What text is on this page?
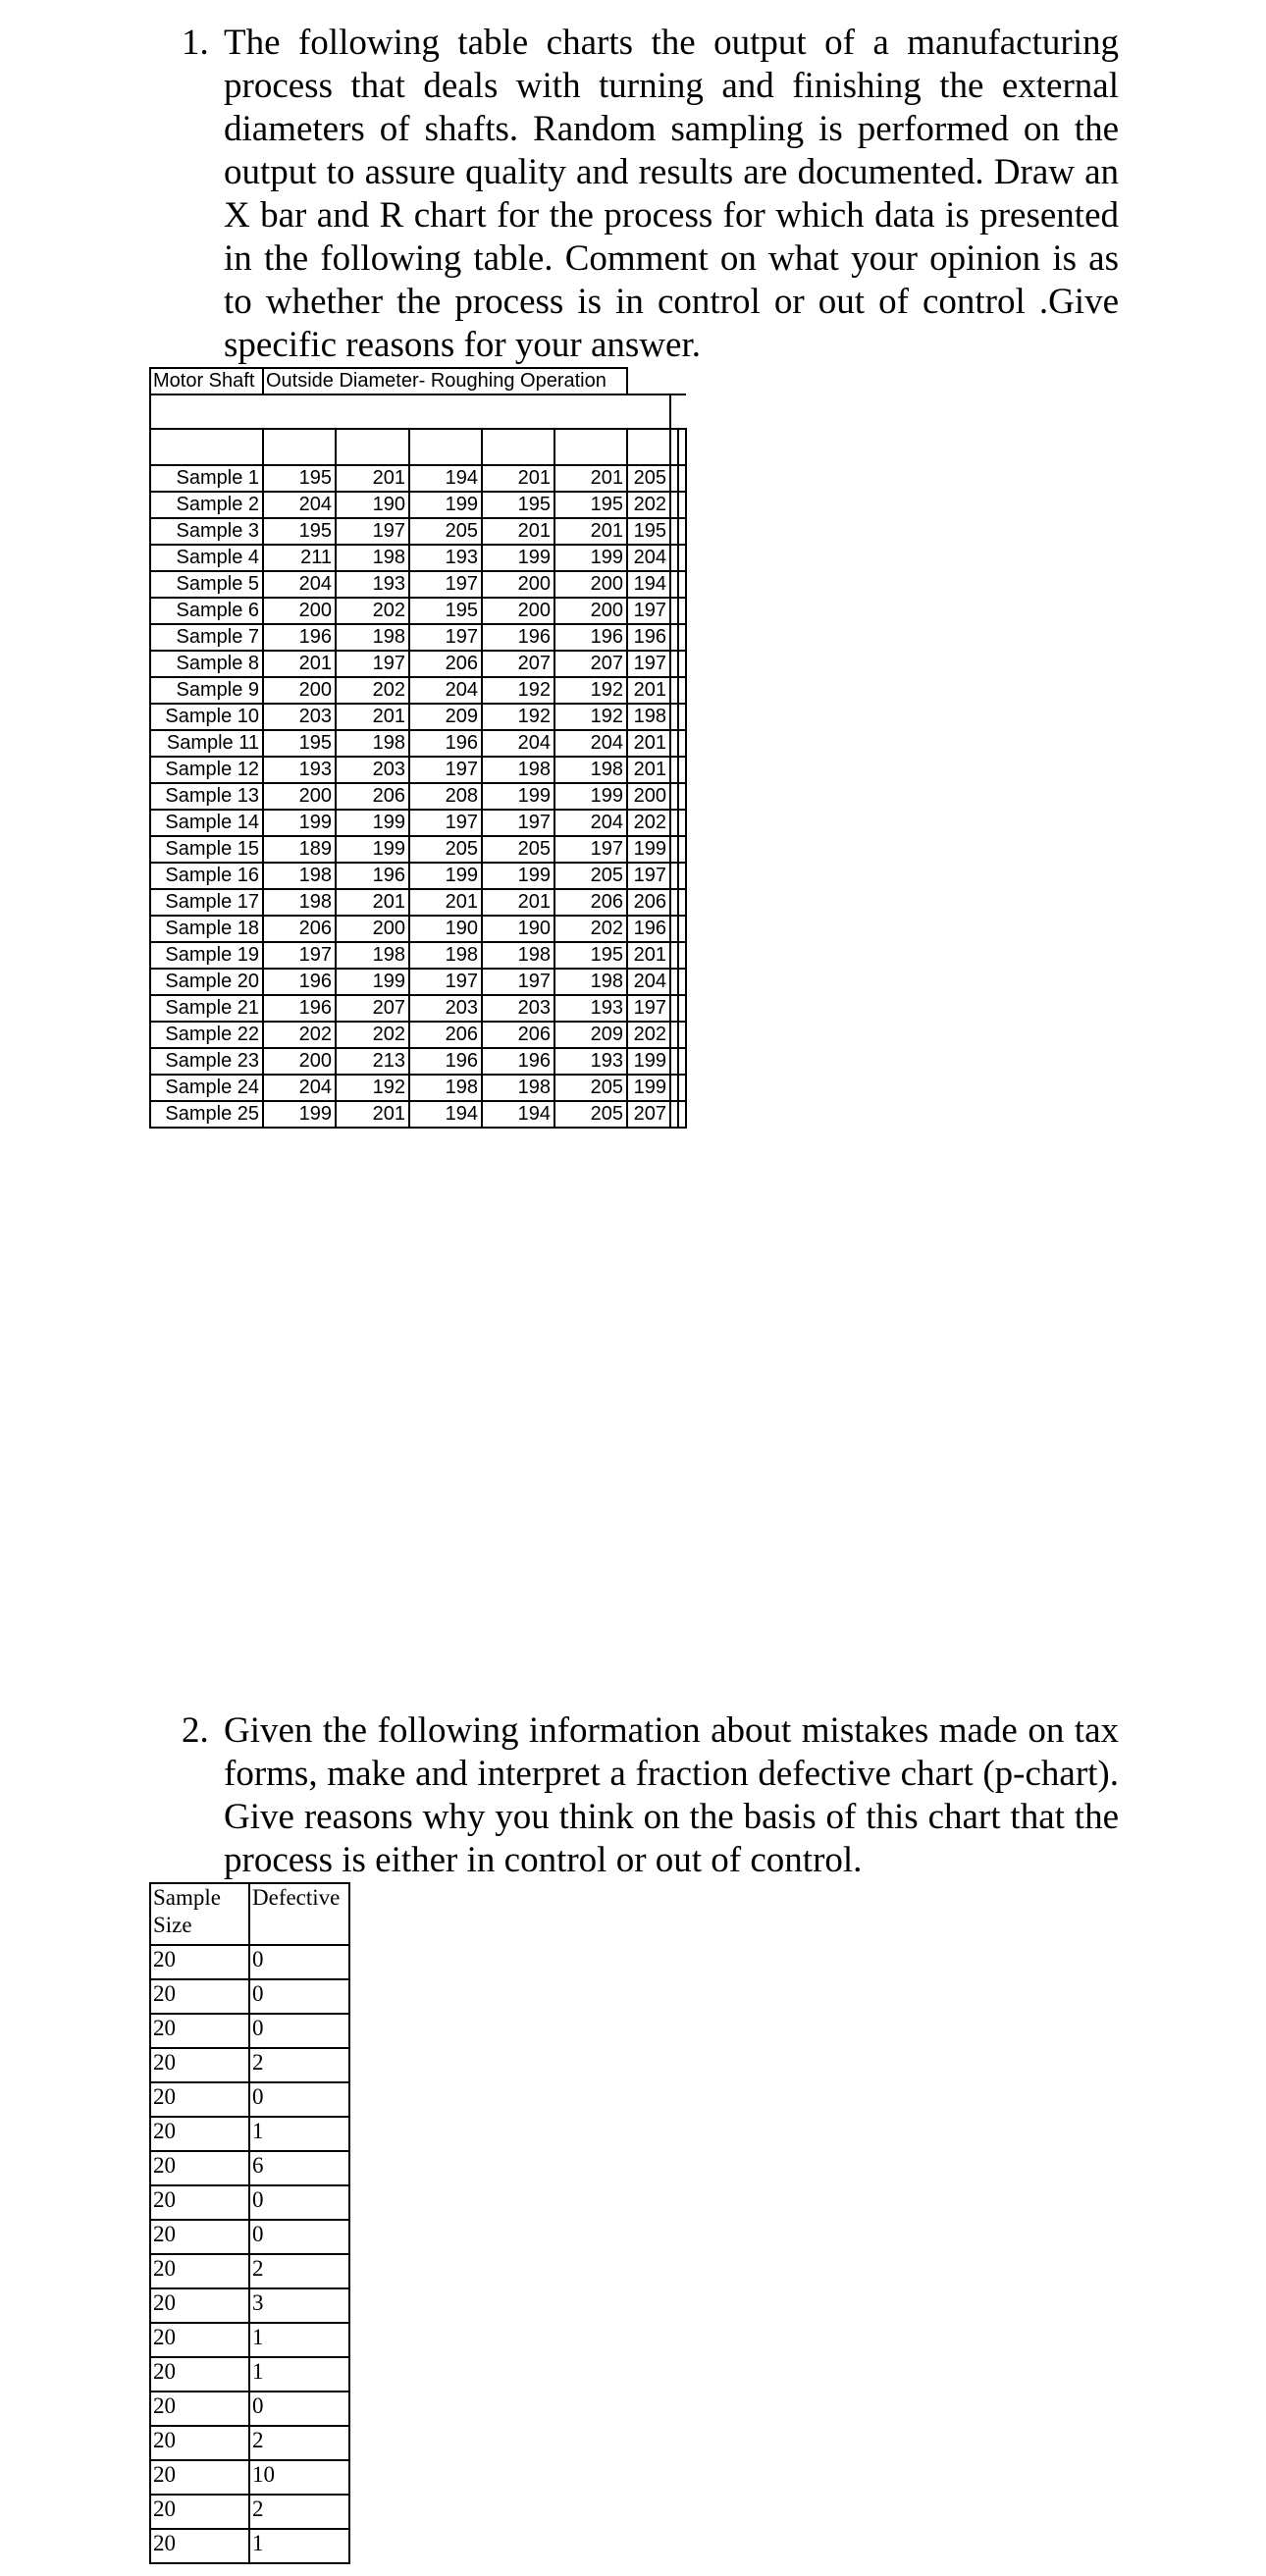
1. The following table charts the output of a manufacturing process that deals with turning and finishing the external diameters of shafts. Random sampling is performed on the output to assure quality and results are documented. Draw an X bar and R chart for the process for which data is presented in the following table. Comment on what your opinion is as to whether the process is in control or out of control .Give specific reasons for your answer.
Motor Shaft	Outside Diameter- Roughing Operation							

Sample 1	195	201	194	201	201	205		
Sample 2	204	190	199	195	195	202		
Sample 3	195	197	205	201	201	195		
Sample 4	211	198	193	199	199	204		
Sample 5	204	193	197	200	200	194		
Sample 6	200	202	195	200	200	197		
Sample 7	196	198	197	196	196	196		
Sample 8	201	197	206	207	207	197		
Sample 9	200	202	204	192	192	201		
Sample 10	203	201	209	192	192	198		
Sample 11	195	198	196	204	204	201		
Sample 12	193	203	197	198	198	201		
Sample 13	200	206	208	199	199	200		
Sample 14	199	199	197	197	204	202		
Sample 15	189	199	205	205	197	199		
Sample 16	198	196	199	199	205	197		
Sample 17	198	201	201	201	206	206		
Sample 18	206	200	190	190	202	196		
Sample 19	197	198	198	198	195	201		
Sample 20	196	199	197	197	198	204		
Sample 21	196	207	203	203	193	197		
Sample 22	202	202	206	206	209	202		
Sample 23	200	213	196	196	193	199		
Sample 24	204	192	198	198	205	199		
Sample 25	199	201	194	194	205	207		
2. Given the following information about mistakes made on tax forms, make and interpret a fraction defective chart (p-chart). Give reasons why you think on the basis of this chart that the process is either in control or out of control.
Sample Size	Defective
20	0
20	0
20	0
20	2
20	0
20	1
20	6
20	0
20	0
20	2
20	3
20	1
20	1
20	0
20	2
20	10
20	2
20	1
